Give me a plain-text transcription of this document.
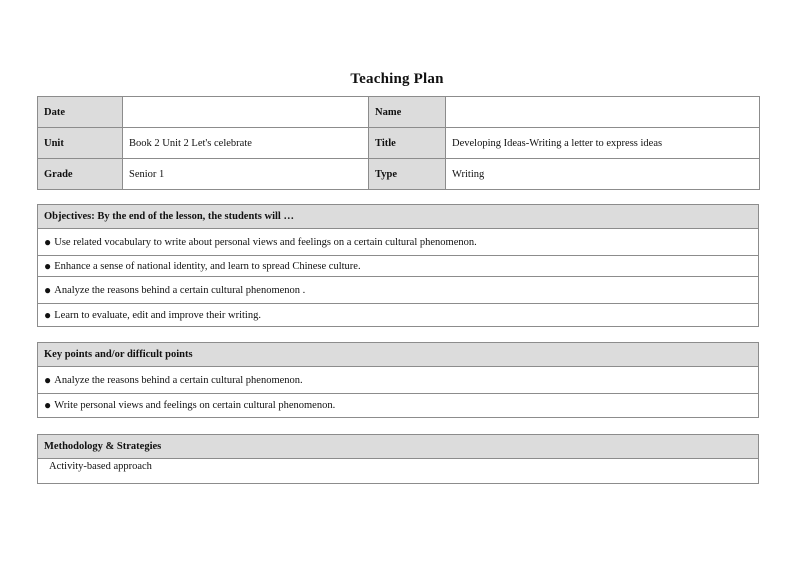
Teaching Plan
Date		Name	
Unit	Book 2 Unit 2 Let's celebrate	Title	Developing Ideas-Writing a letter to express ideas
Grade	Senior 1	Type	Writing
Objectives: By the end of the lesson, the students will …
● Use related vocabulary to write about personal views and feelings on a certain cultural phenomenon.
● Enhance a sense of national identity, and learn to spread Chinese culture.
● Analyze the reasons behind a certain cultural phenomenon .
● Learn to evaluate, edit and improve their writing.
Key points and/or difficult points
● Analyze the reasons behind a certain cultural phenomenon.
● Write personal views and feelings on certain cultural phenomenon.
Methodology & Strategies
Activity-based approach
